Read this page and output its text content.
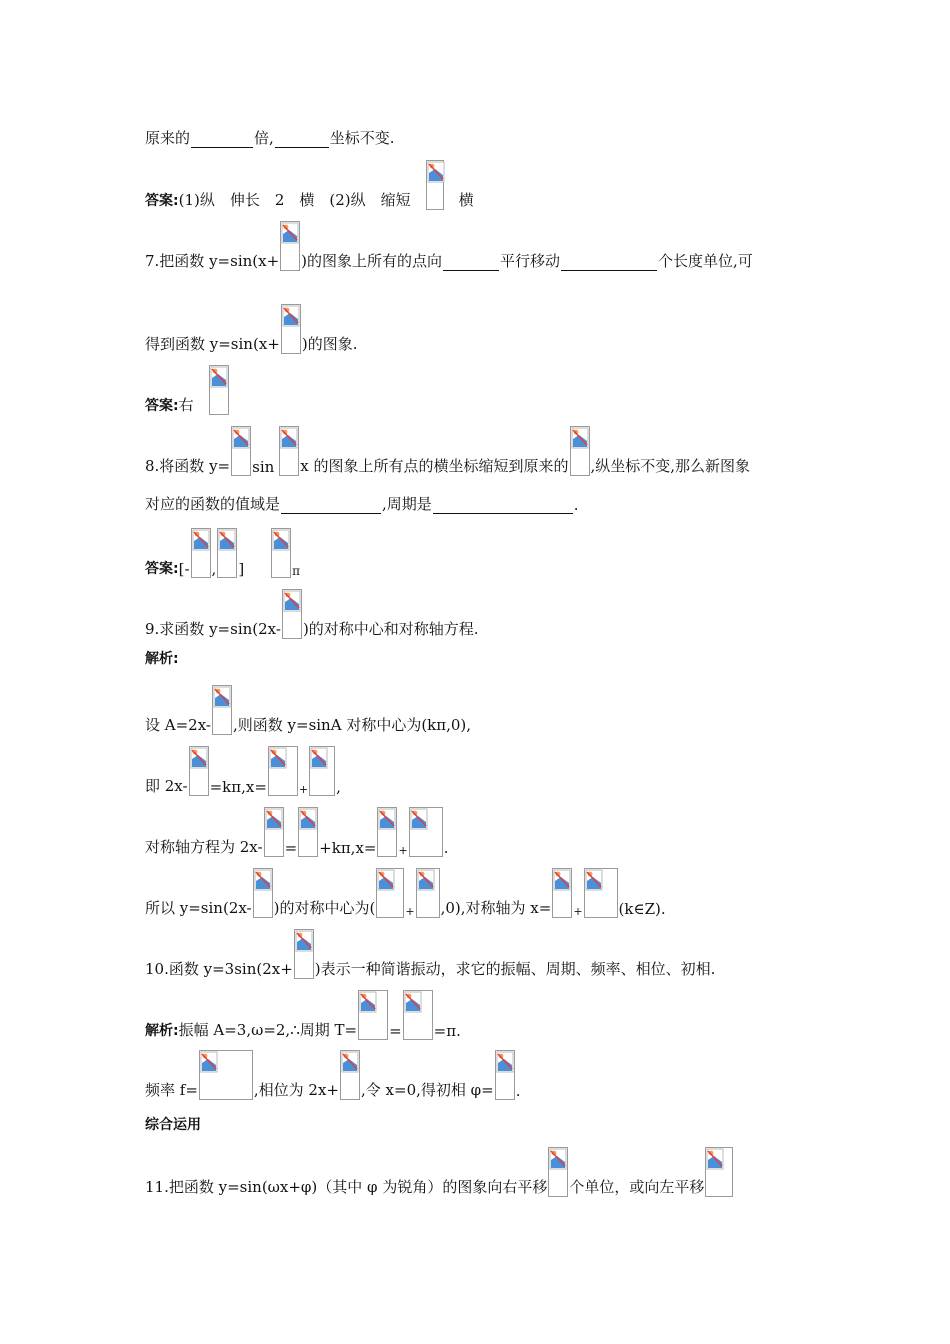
原来的	倍,	坐标不变.
答案: (1)纵　伸长　2　横　(2)纵　缩短	横
7.把函数 y=sin(x+ )的图象上所有的点向	平行移动	个长度单位,可
得到函数 y=sin(x+ )的图象.
答案: 右
8.将函数 y= sin x 的图象上所有点的横坐标缩短到原来的 ,纵坐标不变,那么新图象
对应的函数的值域是	,周期是	.
答案: [- , ]	π
9.求函数 y=sin(2x- )的对称中心和对称轴方程.
解析:
设 A=2x- ,则函数 y=sinA 对称中心为(kπ,0),
即 2x- =kπ,x=	+ ,
对称轴方程为 2x- = +kπ,x= + .
所以 y=sin(2x- )的对称中心为(	+ ,0),对称轴为 x= + (k∈Z).
10.函数 y=3sin(2x+ )表示一种简谐振动，求它的振幅、周期、频率、相位、初相.
解析: 振幅 A=3,ω=2,∴周期 T= = =π.
频率 f=	,相位为 2x+ ,令 x=0,得初相 φ= .
综合运用
11.把函数 y=sin(ωx+φ)（其中 φ 为锐角）的图象向右平移 个单位，或向左平移
